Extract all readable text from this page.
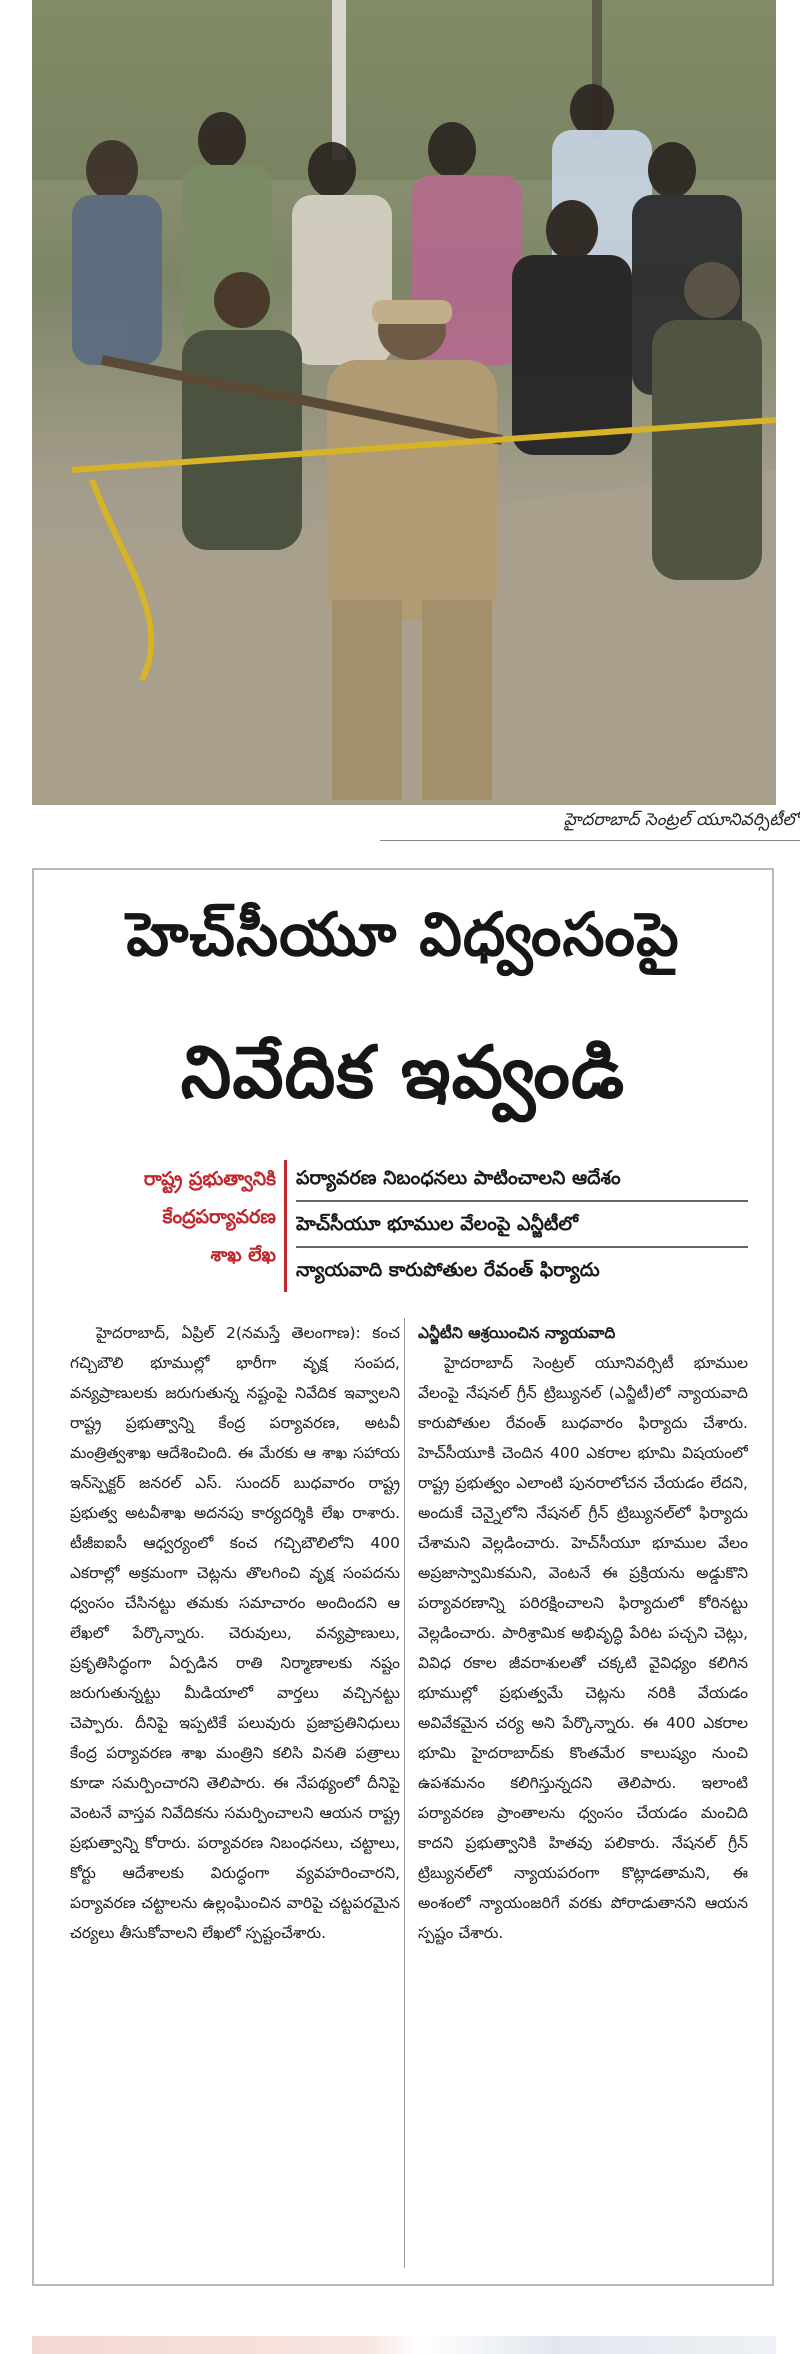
హైదరాబాద్ సెంట్రల్ యూనివర్సిటీలో
హెచ్‌సీయూ విధ్వంసంపై
నివేదిక ఇవ్వండి
రాష్ట్ర ప్రభుత్వానికి
కేంద్రపర్యావరణ
శాఖ లేఖ
పర్యావరణ నిబంధనలు పాటించాలని ఆదేశం
హెచ్‌సీయూ భూముల వేలంపై ఎన్జీటీలో
న్యాయవాది కారుపోతుల రేవంత్ ఫిర్యాదు
హైదరాబాద్, ఏప్రిల్ 2(నమస్తే తెలంగాణ): కంచ గచ్చిబౌలి భూముల్లో భారీగా వృక్ష సంపద, వన్యప్రాణులకు జరుగుతున్న నష్టంపై నివేదిక ఇవ్వాలని రాష్ట్ర ప్రభుత్వాన్ని కేంద్ర పర్యావరణ, అటవీ మంత్రిత్వశాఖ ఆదేశించింది. ఈ మేరకు ఆ శాఖ సహాయ ఇన్‌స్పెక్టర్ జనరల్ ఎస్. సుందర్ బుధవారం రాష్ట్ర ప్రభుత్వ అటవీశాఖ అదనపు కార్యదర్శికి లేఖ రాశారు. టీజీఐఐసీ ఆధ్వర్యంలో కంచ గచ్చిబౌలిలోని 400 ఎకరాల్లో అక్రమంగా చెట్లను తొలగించి వృక్ష సంపదను ధ్వంసం చేసినట్టు తమకు సమాచారం అందిందని ఆ లేఖలో పేర్కొన్నారు. చెరువులు, వన్యప్రాణులు, ప్రకృతిసిద్ధంగా ఏర్పడిన రాతి నిర్మాణాలకు నష్టం జరుగుతున్నట్టు మీడియాలో వార్తలు వచ్చినట్టు చెప్పారు. దీనిపై ఇప్పటికే పలువురు ప్రజాప్రతినిధులు కేంద్ర పర్యావరణ శాఖ మంత్రిని కలిసి వినతి పత్రాలు కూడా సమర్పించారని తెలిపారు. ఈ నేపథ్యంలో దీనిపై వెంటనే వాస్తవ నివేదికను సమర్పించాలని ఆయన రాష్ట్ర ప్రభుత్వాన్ని కోరారు. పర్యావరణ నిబంధనలు, చట్టాలు, కోర్టు ఆదేశాలకు విరుద్ధంగా వ్యవహరించారని, పర్యావరణ చట్టాలను ఉల్లంఘించిన వారిపై చట్టపరమైన చర్యలు తీసుకోవాలని లేఖలో స్పష్టంచేశారు.
ఎన్జీటీని ఆశ్రయించిన న్యాయవాది
హైదరాబాద్ సెంట్రల్ యూనివర్సిటీ భూముల వేలంపై నేషనల్ గ్రీన్ ట్రిబ్యునల్ (ఎన్జీటీ)లో న్యాయవాది కారుపోతుల రేవంత్ బుధవారం ఫిర్యాదు చేశారు. హెచ్‌సీయూకి చెందిన 400 ఎకరాల భూమి విషయంలో రాష్ట్ర ప్రభుత్వం ఎలాంటి పునరాలోచన చేయడం లేదని, అందుకే చెన్నైలోని నేషనల్ గ్రీన్ ట్రిబ్యునల్‌లో ఫిర్యాదు చేశామని వెల్లడించారు. హెచ్‌సీయూ భూముల వేలం అప్రజాస్వామికమని, వెంటనే ఈ ప్రక్రియను అడ్డుకొని పర్యావరణాన్ని పరిరక్షించాలని ఫిర్యాదులో కోరినట్టు వెల్లడించారు. పారిశ్రామిక అభివృద్ధి పేరిట పచ్చని చెట్లు, వివిధ రకాల జీవరాశులతో చక్కటి వైవిధ్యం కలిగిన భూముల్లో ప్రభుత్వమే చెట్లను నరికి వేయడం అవివేకమైన చర్య అని పేర్కొన్నారు. ఈ 400 ఎకరాల భూమి హైదరాబాద్‌కు కొంతమేర కాలుష్యం నుంచి ఉపశమనం కలిగిస్తున్నదని తెలిపారు. ఇలాంటి పర్యావరణ ప్రాంతాలను ధ్వంసం చేయడం మంచిది కాదని ప్రభుత్వానికి హితవు పలికారు. నేషనల్ గ్రీన్ ట్రిబ్యునల్‌లో న్యాయపరంగా కొట్లాడతామని, ఈ అంశంలో న్యాయంజరిగే వరకు పోరాడుతానని ఆయన స్పష్టం చేశారు.
